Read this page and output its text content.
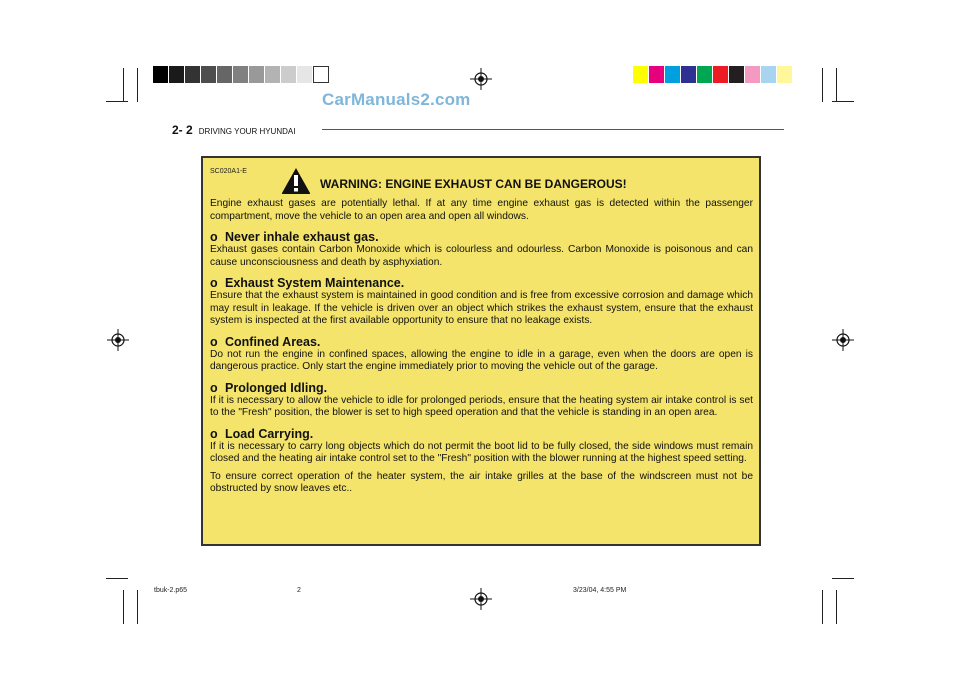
CarManuals2.com
2- 2 DRIVING YOUR HYUNDAI
SC020A1-E
WARNING: ENGINE EXHAUST CAN BE DANGEROUS!

Engine exhaust gases are potentially lethal. If at any time engine exhaust gas is detected within the passenger compartment, move the vehicle to an open area and open all windows.

o Never inhale exhaust gas.

Exhaust gases contain Carbon Monoxide which is colourless and odourless. Carbon Monoxide is poisonous and can cause unconsciousness and death by asphyxiation.

o Exhaust System Maintenance.

Ensure that the exhaust system is maintained in good condition and is free from excessive corrosion and damage which may result in leakage. If the vehicle is driven over an object which strikes the exhaust system, ensure that the exhaust system is inspected at the first available opportunity to ensure that no leakage exists.

o Confined Areas.

Do not run the engine in confined spaces, allowing the engine to idle in a garage, even when the doors are open is dangerous practice. Only start the engine immediately prior to moving the vehicle out of the garage.

o Prolonged Idling.

If it is necessary to allow the vehicle to idle for prolonged periods, ensure that the heating system air intake control is set to the "Fresh" position, the blower is set to high speed operation and that the vehicle is standing in an open area.

o Load Carrying.

If it is necessary to carry long objects which do not permit the boot lid to be fully closed, the side windows must remain closed and the heating air intake control set to the "Fresh" position with the blower running at the highest speed setting.

To ensure correct operation of the heater system, the air intake grilles at the base of the windscreen must not be obstructed by snow leaves etc..

tbuk-2.p65	2	3/23/04, 4:55 PM
